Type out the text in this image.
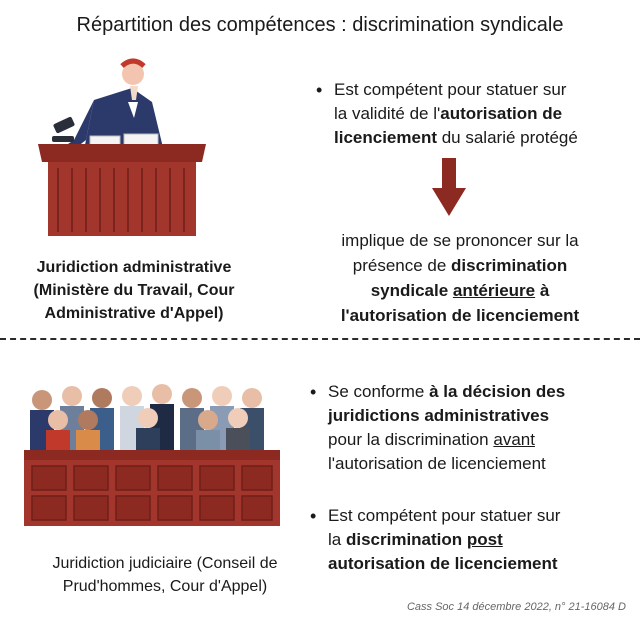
Répartition des compétences : discrimination syndicale
Juridiction administrative
(Ministère du Travail, Cour
Administrative d'Appel)
• Est compétent pour statuer sur
la validité de l'autorisation de
licenciement du salarié protégé
implique de se prononcer sur la
présence de discrimination
syndicale antérieure à
l'autorisation de licenciement
Juridiction judiciaire (Conseil de
Prud'hommes, Cour d'Appel)
• Se conforme à la décision des
juridictions administratives
pour la discrimination avant
l'autorisation de licenciement
• Est compétent pour statuer sur
la discrimination post
autorisation de licenciement
Cass Soc 14 décembre 2022, n° 21-16084 D
